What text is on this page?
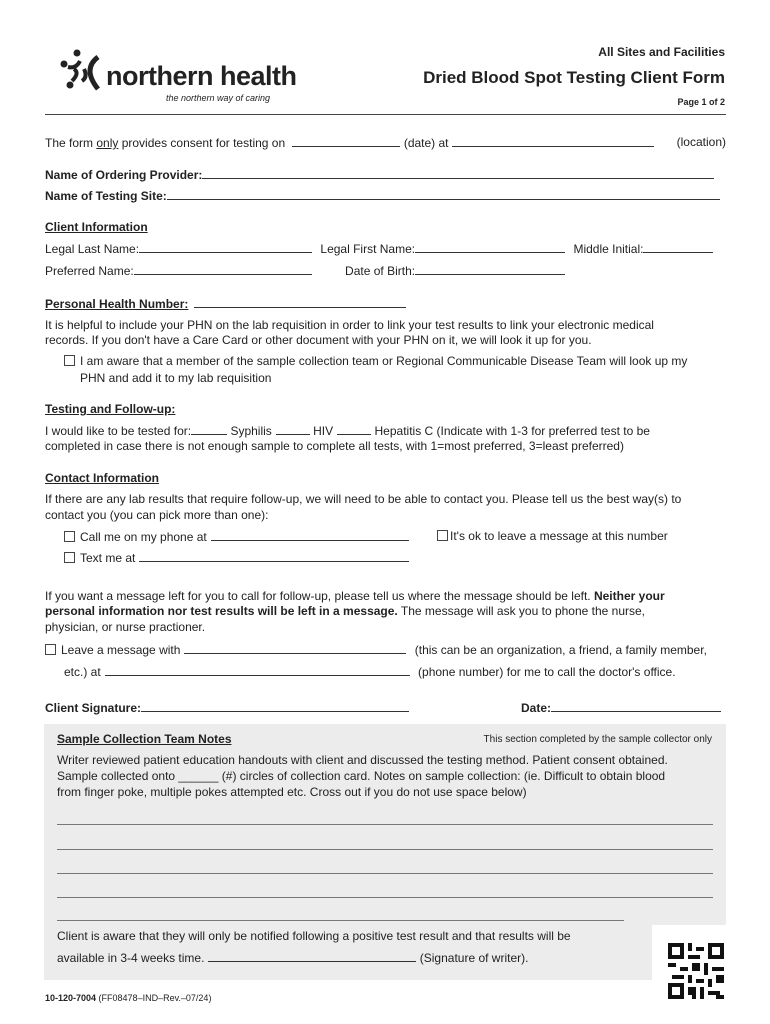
northern health
the northern way of caring
All Sites and Facilities
Dried Blood Spot Testing Client Form
Page 1 of 2
The form only provides consent for testing on	(date) at	(location)
Name of Ordering Provider:
Name of Testing Site:
Client Information
Legal Last Name:	Legal First Name:	Middle Initial:
Preferred Name:	Date of Birth:
Personal Health Number:
It is helpful to include your PHN on the lab requisition in order to link your test results to link your electronic medical
records. If you don't have a Care Card or other document with your PHN on it, we will look it up for you.
I am aware that a member of the sample collection team or Regional Communicable Disease Team will look up my
PHN and add it to my lab requisition
Testing and Follow-up:
I would like to be tested for:	Syphilis	HIV	Hepatitis C (Indicate with 1-3 for preferred test to be
completed in case there is not enough sample to complete all tests, with 1=most preferred, 3=least preferred)
Contact Information
If there are any lab results that require follow-up, we will need to be able to contact you. Please tell us the best way(s) to
contact you (you can pick more than one):
Call me on my phone at	It's ok to leave a message at this number
Text me at
If you want a message left for you to call for follow-up, please tell us where the message should be left. Neither your
personal information nor test results will be left in a message. The message will ask you to phone the nurse,
physician, or nurse practioner.
Leave a message with	(this can be an organization, a friend, a family member,
etc.) at	(phone number) for me to call the doctor's office.
Client Signature:	Date:
Sample Collection Team Notes	This section completed by the sample collector only
Writer reviewed patient education handouts with client and discussed the testing method. Patient consent obtained.
Sample collected onto ______ (#) circles of collection card. Notes on sample collection: (ie. Difficult to obtain blood
from finger poke, multiple pokes attempted etc. Cross out if you do not use space below)
Client is aware that they will only be notified following a positive test result and that results will be
available in 3-4 weeks time.	(Signature of writer).
10-120-7004 (FF08478–IND–Rev.–07/24)
